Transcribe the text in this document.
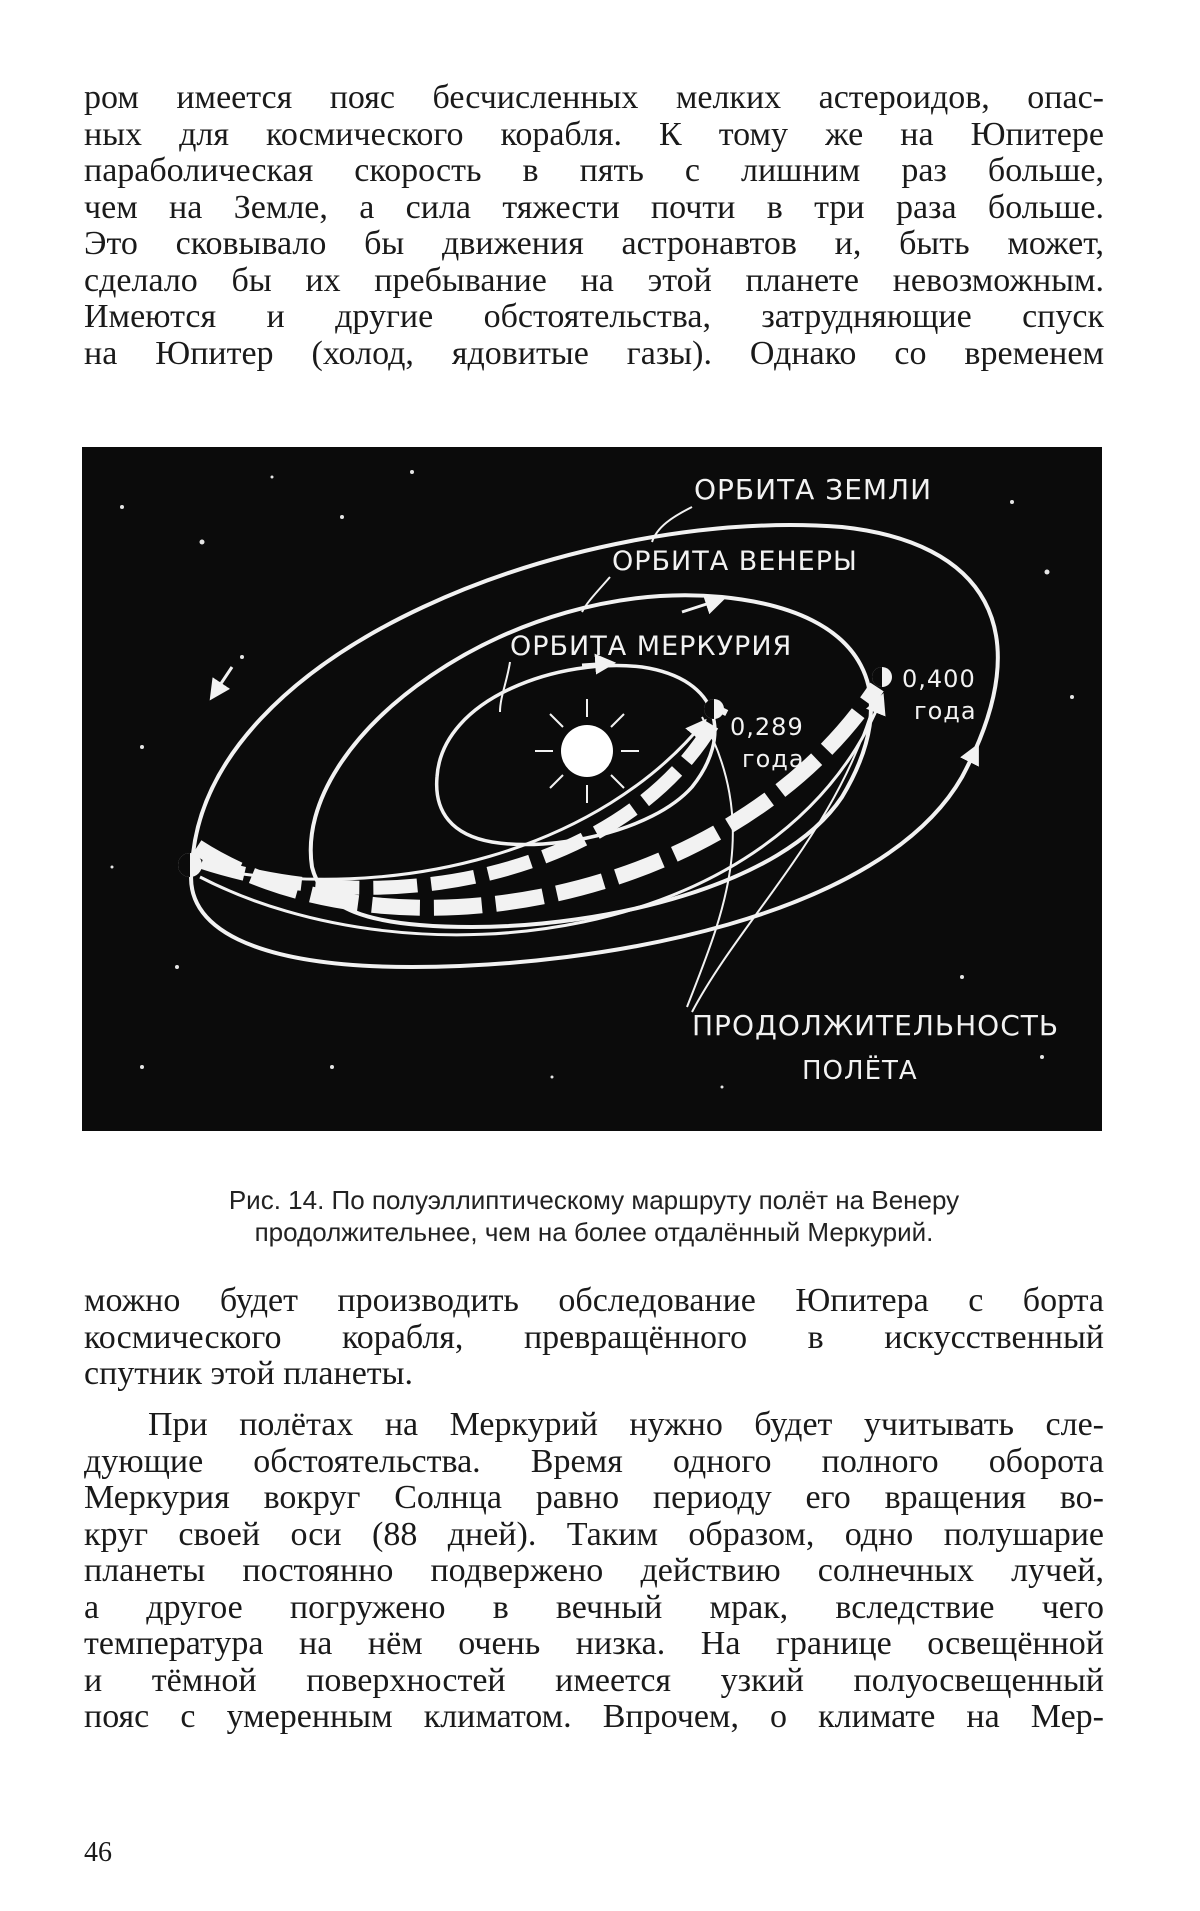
ром имеется пояс бесчисленных мелких астероидов, опас-
ных для космического корабля. К тому же на Юпитере
параболическая скорость в пять с лишним раз больше,
чем на Земле, а сила тяжести почти в три раза больше.
Это сковывало бы движения астронавтов и, быть может,
сделало бы их пребывание на этой планете невозможным.
Имеются и другие обстоятельства, затрудняющие спуск
на Юпитер (холод, ядовитые газы). Однако со временем

ОРБИТА ЗЕМЛИ
ОРБИТА ВЕНЕРЫ
ОРБИТА МЕРКУРИЯ
0,289
года
0,400
года
ПРОДОЛЖИТЕЛЬНОСТЬ
ПОЛЁТА

Рис. 14. По полуэллиптическому маршруту полёт на Венеру
продолжительнее, чем на более отдалённый Меркурий.

можно будет производить обследование Юпитера с борта
космического корабля, превращённого в искусственный
спутник этой планеты.

При полётах на Меркурий нужно будет учитывать сле-
дующие обстоятельства. Время одного полного оборота
Меркурия вокруг Солнца равно периоду его вращения во-
круг своей оси (88 дней). Таким образом, одно полушарие
планеты постоянно подвержено действию солнечных лучей,
а другое погружено в вечный мрак, вследствие чего
температура на нём очень низка. На границе освещённой
и тёмной поверхностей имеется узкий полуосвещенный
пояс с умеренным климатом. Впрочем, о климате на Мер-

46
